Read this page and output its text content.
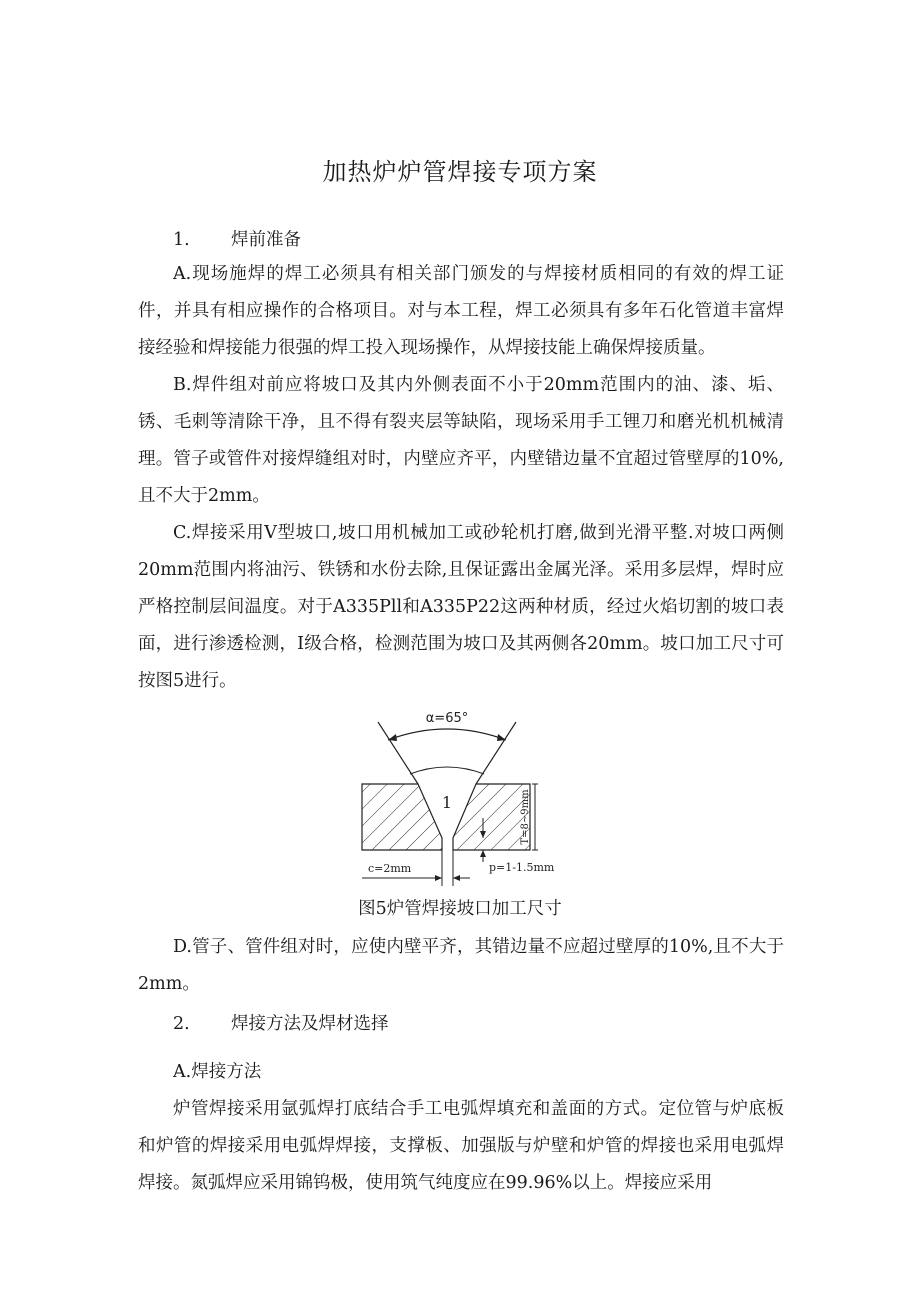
加热炉炉管焊接专项方案
1. 焊前准备

A.现场施焊的焊工必须具有相关部门颁发的与焊接材质相同的有效的焊工证件，并具有相应操作的合格项目。对与本工程，焊工必须具有多年石化管道丰富焊接经验和焊接能力很强的焊工投入现场操作，从焊接技能上确保焊接质量。

B.焊件组对前应将坡口及其内外侧表面不小于20mm范围内的油、漆、垢、锈、毛刺等清除干净，且不得有裂夹层等缺陷，现场采用手工锂刀和磨光机机械清理。管子或管件对接焊缝组对时，内壁应齐平，内壁错边量不宜超过管壁厚的10%,且不大于2mm。

C.焊接采用V型坡口,坡口用机械加工或砂轮机打磨,做到光滑平整.对坡口两侧20mm范围内将油污、铁锈和水份去除,且保证露出金属光泽。采用多层焊，焊时应严格控制层间温度。对于A335Pll和A335P22这两种材质，经过火焰切割的坡口表面，进行渗透检测，I级合格，检测范围为坡口及其两侧各20mm。坡口加工尺寸可按图5进行。

α=65°
1	T=8~9mm
p=1-1.5mm
c=2mm
图5炉管焊接坡口加工尺寸

D.管子、管件组对时，应使内壁平齐，其错边量不应超过壁厚的10%,且不大于2mm。

2. 焊接方法及焊材选择

A.焊接方法

炉管焊接采用氩弧焊打底结合手工电弧焊填充和盖面的方式。定位管与炉底板和炉管的焊接采用电弧焊焊接，支撑板、加强版与炉壁和炉管的焊接也采用电弧焊焊接。氮弧焊应采用锦钨极，使用筑气纯度应在99.96%以上。焊接应采用
